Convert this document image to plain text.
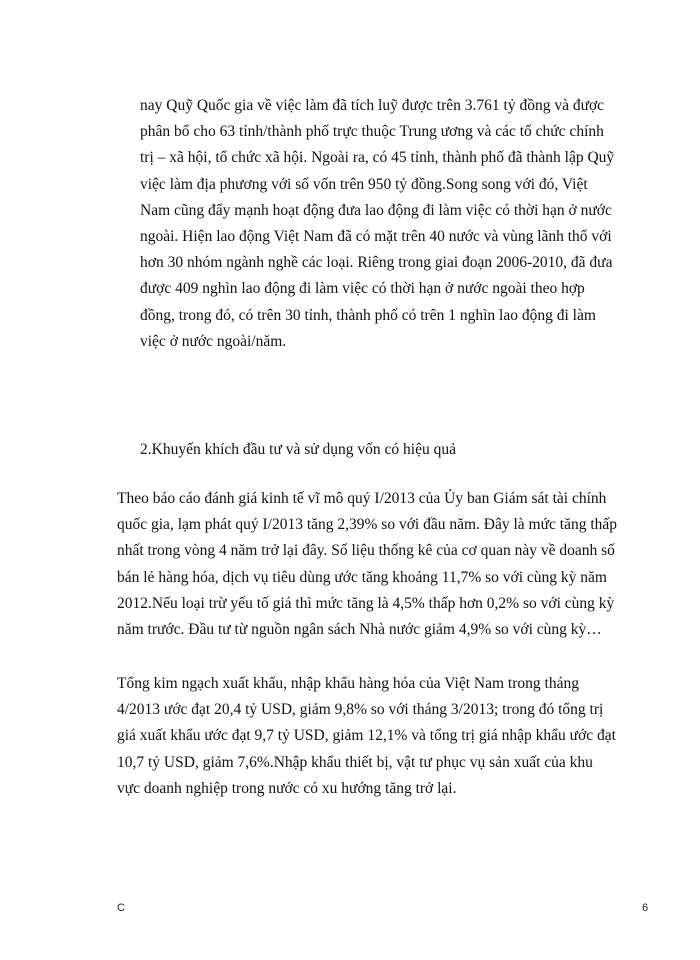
nay Quỹ Quốc gia về việc làm đã tích luỹ được trên 3.761 tỷ đồng và được
phân bổ cho 63 tỉnh/thành phố trực thuộc Trung ương và các tổ chức chính
trị – xã hội, tổ chức xã hội. Ngoài ra, có 45 tỉnh, thành phố đã thành lập Quỹ
việc làm địa phương với số vốn trên 950 tỷ đồng.Song song với đó, Việt
Nam cũng đẩy mạnh hoạt động đưa lao động đi làm việc có thời hạn ở nước
ngoài. Hiện lao động Việt Nam đã có mặt trên 40 nước và vùng lãnh thổ với
hơn 30 nhóm ngành nghề các loại. Riêng trong giai đoạn 2006-2010, đã đưa
được 409 nghìn lao động đi làm việc có thời hạn ở nước ngoài theo hợp
đồng, trong đó, có trên 30 tỉnh, thành phố có trên 1 nghìn lao động đi làm
việc ở nước ngoài/năm.
2.Khuyến khích đầu tư và sử dụng vốn có hiệu quả
Theo báo cáo đánh giá kinh tế vĩ mô quý I/2013 của Ủy ban Giám sát tài chính
quốc gia, lạm phát quý I/2013 tăng 2,39% so với đầu năm. Đây là mức tăng thấp
nhất trong vòng 4 năm trở lại đây. Số liệu thống kê của cơ quan này về doanh số
bán lẻ hàng hóa, dịch vụ tiêu dùng ước tăng khoảng 11,7% so với cùng kỳ năm
2012.Nếu loại trừ yếu tố giá thì mức tăng là 4,5% thấp hơn 0,2% so với cùng kỳ
năm trước. Đầu tư từ nguồn ngân sách Nhà nước giảm 4,9% so với cùng kỳ…
Tổng kim ngạch xuất khẩu, nhập khẩu hàng hóa của Việt Nam trong tháng
4/2013 ước đạt 20,4 tỷ USD, giảm 9,8% so với tháng 3/2013; trong đó tổng trị
giá xuất khẩu ước đạt 9,7 tỷ USD, giảm 12,1% và tổng trị giá nhập khẩu ước đạt
10,7 tỷ USD, giảm 7,6%.Nhập khẩu thiết bị, vật tư phục vụ sản xuất của khu
vực doanh nghiệp trong nước có xu hướng tăng trở lại.
C	6
